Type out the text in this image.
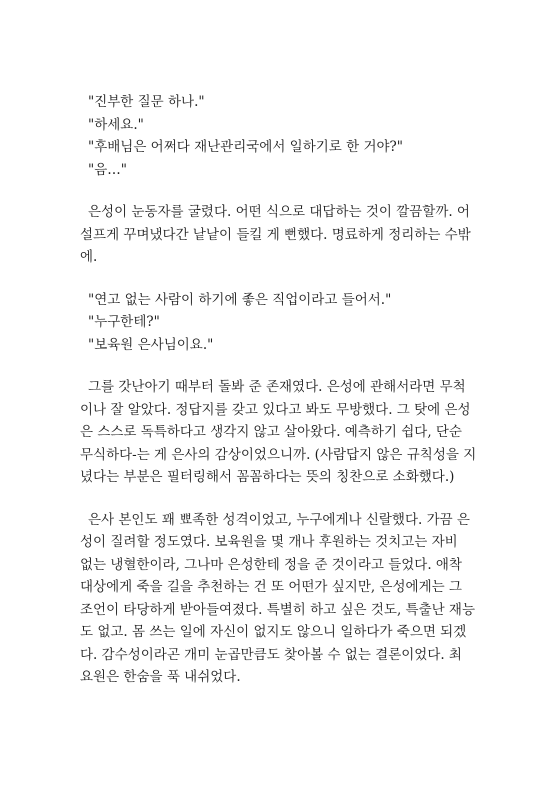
"진부한 질문 하나."
"하세요."
"후배님은 어쩌다 재난관리국에서 일하기로 한 거야?"
"음…"
은성이 눈동자를 굴렸다. 어떤 식으로 대답하는 것이 깔끔할까. 어
설프게 꾸며냈다간 낱낱이 들킬 게 뻔했다. 명료하게 정리하는 수밖
에.
"연고 없는 사람이 하기에 좋은 직업이라고 들어서."
"누구한테?"
"보육원 은사님이요."
그를 갓난아기 때부터 돌봐 준 존재였다. 은성에 관해서라면 무척
이나 잘 알았다. 정답지를 갖고 있다고 봐도 무방했다. 그 탓에 은성
은 스스로 독특하다고 생각지 않고 살아왔다. 예측하기 쉽다, 단순
무식하다-는 게 은사의 감상이었으니까. (사람답지 않은 규칙성을 지
녔다는 부분은 필터링해서 꼼꼼하다는 뜻의 칭찬으로 소화했다.)
은사 본인도 꽤 뾰족한 성격이었고, 누구에게나 신랄했다. 가끔 은
성이 질려할 정도였다. 보육원을 몇 개나 후원하는 것치고는 자비
없는 냉혈한이라, 그나마 은성한테 정을 준 것이라고 들었다. 애착
대상에게 죽을 길을 추천하는 건 또 어떤가 싶지만, 은성에게는 그
조언이 타당하게 받아들여졌다. 특별히 하고 싶은 것도, 특출난 재능
도 없고. 몸 쓰는 일에 자신이 없지도 않으니 일하다가 죽으면 되겠
다. 감수성이라곤 개미 눈곱만큼도 찾아볼 수 없는 결론이었다. 최
요원은 한숨을 푹 내쉬었다.
